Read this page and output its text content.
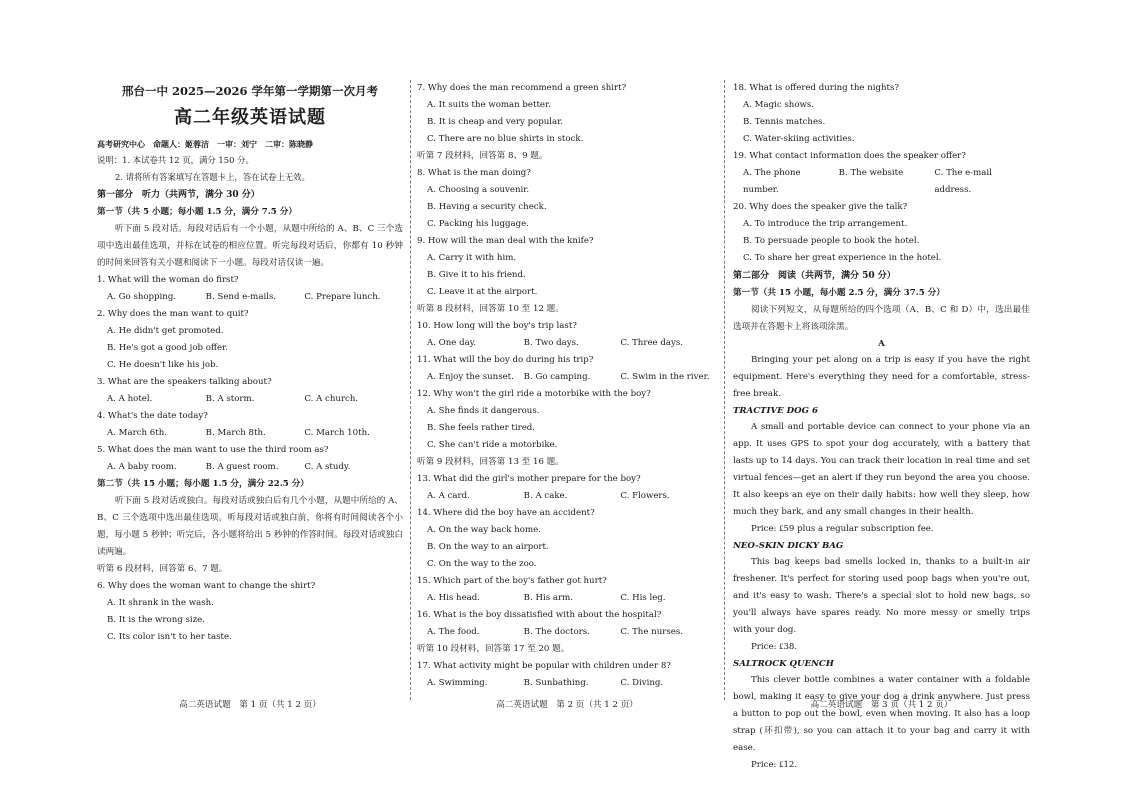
邢台一中 2025—2026 学年第一学期第一次月考
高二年级英语试题
高考研究中心　命题人：姬蓉洁　一审：刘宁　二审：陈晓静
说明：1. 本试卷共 12 页，满分 150 分。
2. 请将所有答案填写在答题卡上，答在试卷上无效。
第一部分　听力（共两节，满分 30 分）
第一节（共 5 小题；每小题 1.5 分，满分 7.5 分）
听下面 5 段对话。每段对话后有一个小题，从题中所给的 A、B、C 三个选项中选出最佳选项，并标在试卷的相应位置。听完每段对话后，你都有 10 秒钟的时间来回答有关小题和阅读下一小题。每段对话仅读一遍。
1. What will the woman do first?
A. Go shopping.	B. Send e-mails.	C. Prepare lunch.
2. Why does the man want to quit?
A. He didn't get promoted.
B. He's got a good job offer.
C. He doesn't like his job.
3. What are the speakers talking about?
A. A hotel.	B. A storm.	C. A church.
4. What's the date today?
A. March 6th.	B. March 8th.	C. March 10th.
5. What does the man want to use the third room as?
A. A baby room.	B. A guest room.	C. A study.
第二节（共 15 小题；每小题 1.5 分，满分 22.5 分）
听下面 5 段对话或独白。每段对话或独白后有几个小题，从题中所给的 A、B、C 三个选项中选出最佳选项。听每段对话或独白前，你将有时间阅读各个小题，每小题 5 秒钟；听完后，各小题将给出 5 秒钟的作答时间。每段对话或独白读两遍。
听第 6 段材料，回答第 6、7 题。
6. Why does the woman want to change the shirt?
A. It shrank in the wash.
B. It is the wrong size.
C. Its color isn't to her taste.
7. Why does the man recommend a green shirt?
A. It suits the woman better.
B. It is cheap and very popular.
C. There are no blue shirts in stock.
听第 7 段材料，回答第 8、9 题。
8. What is the man doing?
A. Choosing a souvenir.
B. Having a security check.
C. Packing his luggage.
9. How will the man deal with the knife?
A. Carry it with him.
B. Give it to his friend.
C. Leave it at the airport.
听第 8 段材料，回答第 10 至 12 题。
10. How long will the boy's trip last?
A. One day.	B. Two days.	C. Three days.
11. What will the boy do during his trip?
A. Enjoy the sunset.	B. Go camping.	C. Swim in the river.
12. Why won't the girl ride a motorbike with the boy?
A. She finds it dangerous.
B. She feels rather tired.
C. She can't ride a motorbike.
听第 9 段材料，回答第 13 至 16 题。
13. What did the girl's mother prepare for the boy?
A. A card.	B. A cake.	C. Flowers.
14. Where did the boy have an accident?
A. On the way back home.
B. On the way to an airport.
C. On the way to the zoo.
15. Which part of the boy's father got hurt?
A. His head.	B. His arm.	C. His leg.
16. What is the boy dissatisfied with about the hospital?
A. The food.	B. The doctors.	C. The nurses.
听第 10 段材料，回答第 17 至 20 题。
17. What activity might be popular with children under 8?
A. Swimming.	B. Sunbathing.	C. Diving.
18. What is offered during the nights?
A. Magic shows.
B. Tennis matches.
C. Water-skiing activities.
19. What contact information does the speaker offer?
A. The phone number.
B. The website	C. The e-mail address.
20. Why does the speaker give the talk?
A. To introduce the trip arrangement.
B. To persuade people to book the hotel.
C. To share her great experience in the hotel.
第二部分　阅读（共两节，满分 50 分）
第一节（共 15 小题，每小题 2.5 分，满分 37.5 分）
阅读下列短文，从每题所给的四个选项（A、B、C 和 D）中，选出最佳选项并在答题卡上将该项涂黑。
A
Bringing your pet along on a trip is easy if you have the right equipment. Here's everything they need for a comfortable, stress-free break.
TRACTIVE DOG 6
A small and portable device can connect to your phone via an app. It uses GPS to spot your dog accurately, with a battery that lasts up to 14 days. You can track their location in real time and set virtual fences—get an alert if they run beyond the area you choose. It also keeps an eye on their daily habits: how well they sleep, how much they bark, and any small changes in their health.
Price: ₤59 plus a regular subscription fee.
NEO-SKIN DICKY BAG
This bag keeps bad smells locked in, thanks to a built-in air freshener. It's perfect for storing used poop bags when you're out, and it's easy to wash. There's a special slot to hold new bags, so you'll always have spares ready. No more messy or smelly trips with your dog.
Price: ₤38.
SALTROCK QUENCH
This clever bottle combines a water container with a foldable bowl, making it easy to give your dog a drink anywhere. Just press a button to pop out the bowl, even when moving. It also has a loop strap (环扣带), so you can attach it to your bag and carry it with ease.
Price: ₤12.
高二英语试题　第 1 页（共 1 2 页）	高二英语试题　第 2 页（共 1 2 页）	高二英语试题　第 3 页（共 1 2 页）
